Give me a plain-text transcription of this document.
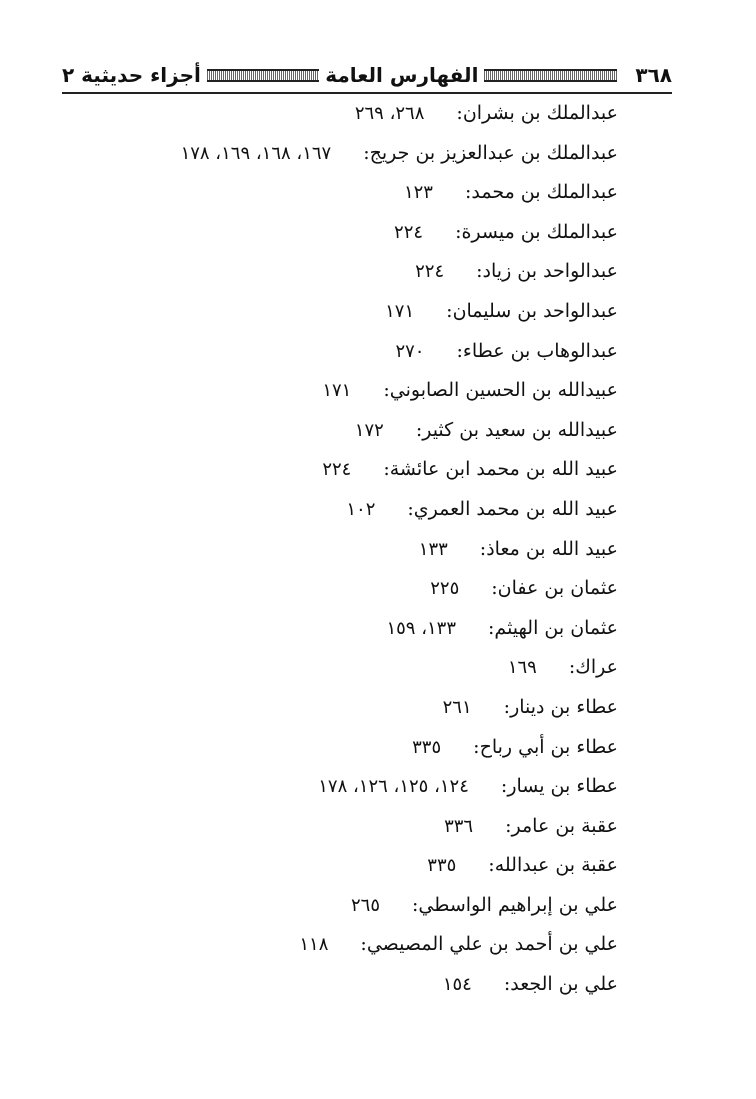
٣٦٨
الفهارس العامة
أجزاء حديثية ٢
عبدالملك بن بشران:٢٦٨، ٢٦٩
عبدالملك بن عبدالعزيز بن جريج:١٦٧، ١٦٨، ١٦٩، ١٧٨
عبدالملك بن محمد:١٢٣
عبدالملك بن ميسرة:٢٢٤
عبدالواحد بن زياد:٢٢٤
عبدالواحد بن سليمان:١٧١
عبدالوهاب بن عطاء:٢٧٠
عبيدالله بن الحسين الصابوني:١٧١
عبيدالله بن سعيد بن كثير:١٧٢
عبيد الله بن محمد ابن عائشة:٢٢٤
عبيد الله بن محمد العمري:١٠٢
عبيد الله بن معاذ:١٣٣
عثمان بن عفان:٢٢٥
عثمان بن الهيثم:١٣٣، ١٥٩
عراك:١٦٩
عطاء بن دينار:٢٦١
عطاء بن أبي رباح:٣٣٥
عطاء بن يسار:١٢٤، ١٢٥، ١٢٦، ١٧٨
عقبة بن عامر:٣٣٦
عقبة بن عبدالله:٣٣٥
علي بن إبراهيم الواسطي:٢٦٥
علي بن أحمد بن علي المصيصي:١١٨
علي بن الجعد:١٥٤
